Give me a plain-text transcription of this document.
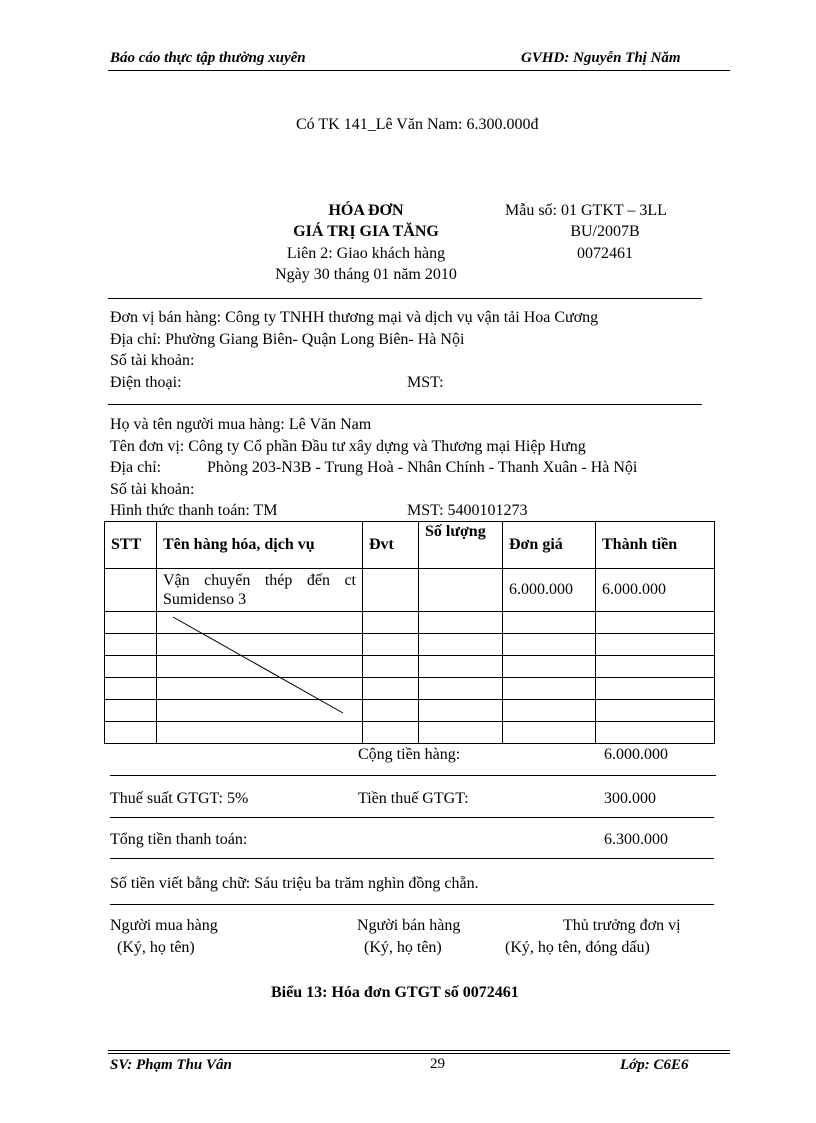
Báo cáo thực tập thường xuyên	GVHD: Nguyễn Thị Năm
Có TK 141_Lê Văn Nam: 6.300.000đ
HÓA ĐƠN
GIÁ TRỊ GIA TĂNG
Liên 2: Giao khách hàng
Ngày 30 tháng 01 năm 2010
Mẫu số: 01 GTKT – 3LL
BU/2007B
0072461
Đơn vị bán hàng: Công ty TNHH thương mại và dịch vụ vận tải Hoa Cương
Địa chỉ: Phường Giang Biên- Quận Long Biên- Hà Nội
Số tài khoản:
Điện thoại:	MST:
Họ và tên người mua hàng: Lê Văn Nam
Tên đơn vị: Công ty Cổ phần Đầu tư xây dựng và Thương mại Hiệp Hưng
Địa chỉ:	Phòng 203-N3B - Trung Hoà - Nhân Chính - Thanh Xuân - Hà Nội
Số tài khoản:
Hình thức thanh toán: TM	MST: 5400101273
STT	Tên hàng hóa, dịch vụ	Đvt	Số lượng	Đơn giá	Thành tiền
	Vận chuyển thép đến ct Sumidenso 3			6.000.000	6.000.000

Cộng tiền hàng:	6.000.000
Thuế suất GTGT: 5%	Tiền thuế GTGT:	300.000
Tổng tiền thanh toán:	6.300.000
Số tiền viết bằng chữ: Sáu triệu ba trăm nghìn đồng chẵn.
Người mua hàng
(Ký, họ tên)
Người bán hàng
(Ký, họ tên)
Thủ trưởng đơn vị
(Ký, họ tên, đóng dấu)
Biểu 13: Hóa đơn GTGT số 0072461
SV: Phạm Thu Vân	29	Lớp: C6E6
